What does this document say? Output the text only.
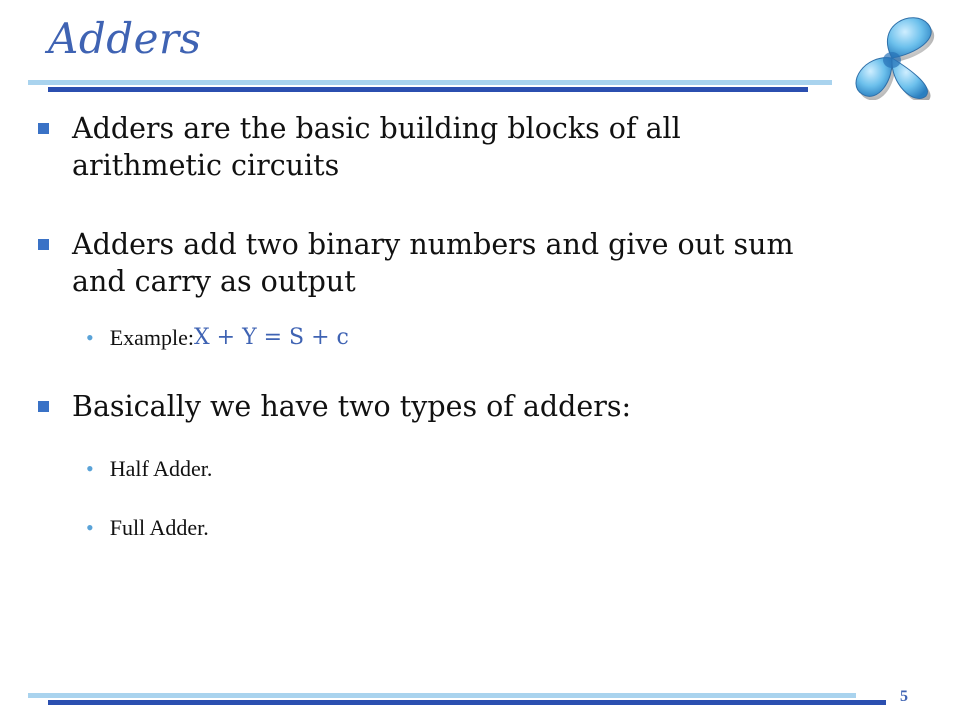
Adders
Adders are the basic building blocks of all
arithmetic circuits
Adders add two binary numbers and give out sum
and carry as output
• Example: X + Y = S + c
Basically we have two types of adders:
• Half Adder.
• Full Adder.
5
